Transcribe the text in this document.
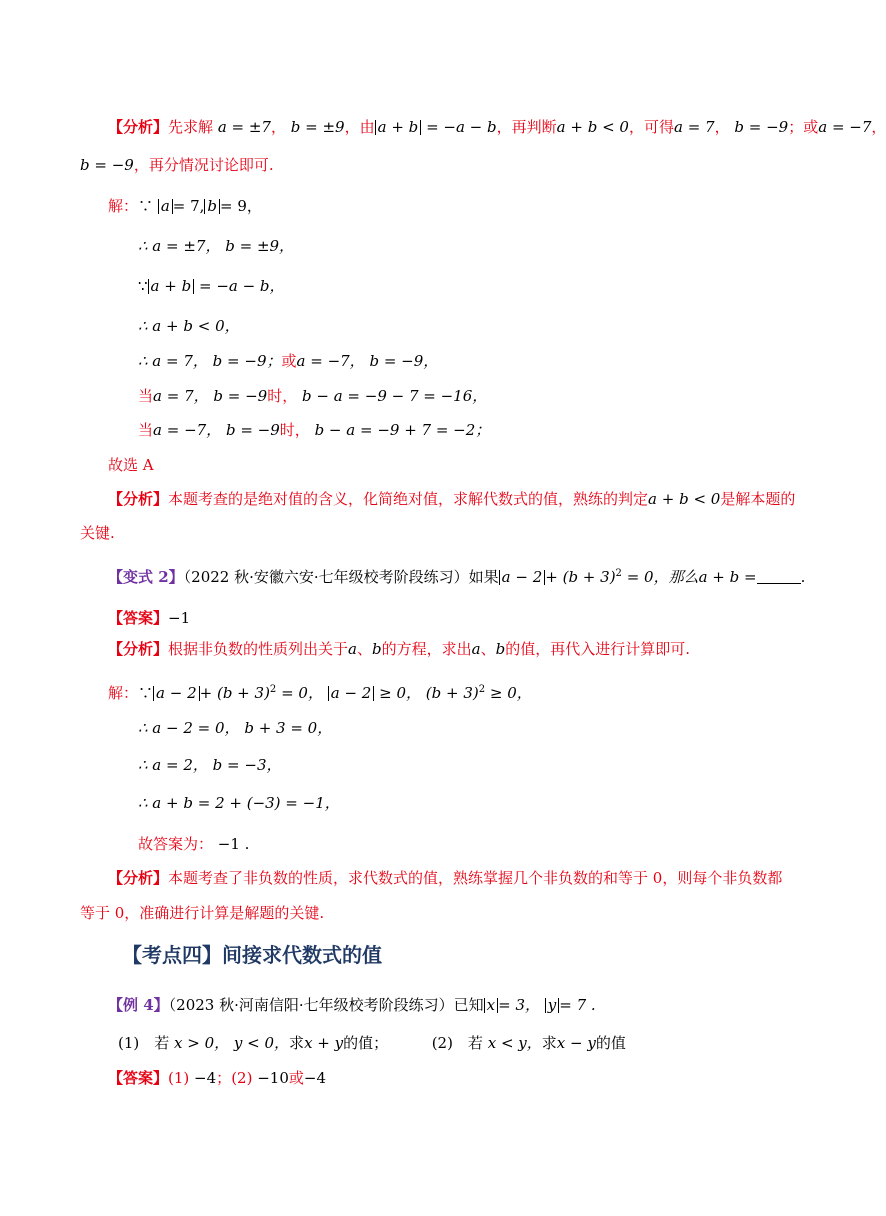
【分析】先求解 a = ±7， b = ±9，由 a + b = −a − b，再判断a + b < 0，可得a = 7， b = −9；或a = −7，
b = −9，再分情况讨论即可.
解：∵ a = 7, b = 9，
∴ a = ±7， b = ±9，
∵ a + b = −a − b，
∴ a + b < 0，
∴ a = 7， b = −9；或a = −7， b = −9，
当a = 7， b = −9时， b − a = −9 − 7 = −16，
当a = −7， b = −9时， b − a = −9 + 7 = −2；
故选 A
【分析】本题考查的是绝对值的含义，化简绝对值，求解代数式的值，熟练的判定a + b < 0是解本题的
关键.
【变式 2】（2022 秋·安徽六安·七年级校考阶段练习）如果 $a - 2 + (b + 3)^2 = 0$，那么a + b =	.
【答案】−1
【分析】根据非负数的性质列出关于a、b的方程，求出a、b的值，再代入进行计算即可.
解：∵ $a - 2 + (b + 3)^2 = 0$， a − 2 ≥ 0， $(b + 3)^2 \ge 0$，
∴ a − 2 = 0， b + 3 = 0，
∴ a = 2， b = −3，
∴ a + b = 2 + (−3) = −1，
故答案为： −1 .
【分析】本题考查了非负数的性质，求代数式的值，熟练掌握几个非负数的和等于 0，则每个非负数都
等于 0，准确进行计算是解题的关键.
【考点四】间接求代数式的值
【例 4】（2023 秋·河南信阳·七年级校考阶段练习）已知 x = 3， y = 7 .
(1)　若 x > 0， y < 0，求x + y的值；	(2)　若 x < y，求x − y的值
【答案】(1) −4；(2) −10或−4
